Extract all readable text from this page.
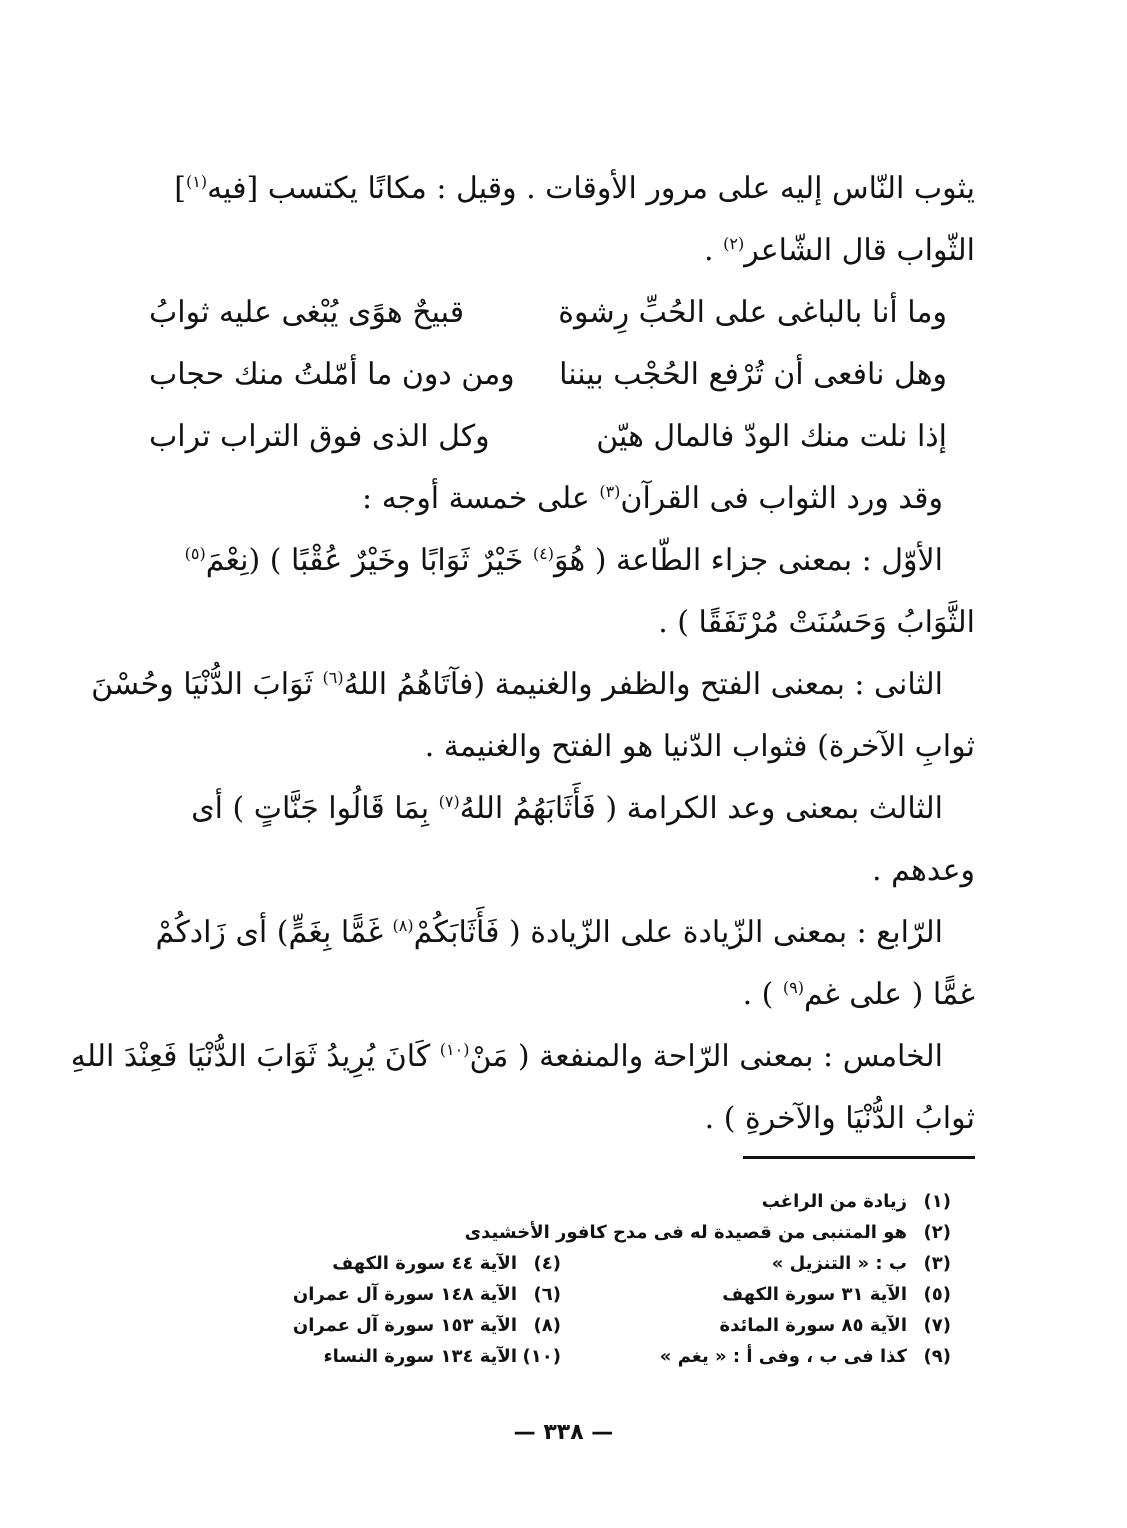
يثوب النّاس إليه على مرور الأوقات . وقيل : مكانًا يكتسب [فيه$^{(١)}$]
الثّواب قال الشّاعر$^{(٢)}$ .
وما أنا بالباغى على الحُبِّ رِشوة
قبيحٌ هوًى يُبْغى عليه ثوابُ
وهل نافعى أن تُرْفع الحُجْب بيننا
ومن دون ما أمّلتُ منك حجاب
إذا نلت منك الودّ فالمال هيّن
وكل الذى فوق التراب تراب
وقد ورد الثواب فى القرآن$^{(٣)}$ على خمسة أوجه :
الأوّل : بمعنى جزاء الطّاعة ( هُوَ$^{(٤)}$ خَيْرٌ ثَوَابًا وخَيْرٌ عُقْبًا ) (نِعْمَ$^{(٥)}$
الثَّوَابُ وَحَسُنَتْ مُرْتَفَقًا ) .
الثانى : بمعنى الفتح والظفر والغنيمة (فآتَاهُمُ اللهُ$^{(٦)}$ ثَوَابَ الدُّنْيَا وحُسْنَ
ثوابِ الآخرة) فثواب الدّنيا هو الفتح والغنيمة .
الثالث بمعنى وعد الكرامة ( فَأَثَابَهُمُ اللهُ$^{(٧)}$ بِمَا قَالُوا جَنَّاتٍ ) أى
وعدهم .
الرّابع : بمعنى الزّيادة على الزّيادة ( فَأَثَابَكُمْ$^{(٨)}$ غَمًّا بِغَمٍّ) أى زَادكُمْ
غمًّا ( على غم$^{(٩)}$ ) .
الخامس : بمعنى الرّاحة والمنفعة ( مَنْ$^{(١٠)}$ كَانَ يُرِيدُ ثَوَابَ الدُّنْيَا فَعِنْدَ اللهِ
ثوابُ الدُّنْيَا والآخرةِ ) .
(١)
زيادة من الراغب
(٢)
هو المتنبى من قصيدة له فى مدح كافور الأخشيدى
(٣)
ب : « التنزيل »
(٤)
الآية ٤٤ سورة الكهف
(٥)
الآية ٣١ سورة الكهف
(٦)
الآية ١٤٨ سورة آل عمران
(٧)
الآية ٨٥ سورة المائدة
(٨)
الآية ١٥٣ سورة آل عمران
(٩)
كذا فى ب ، وفى أ : « يغم »
(١٠)
الآية ١٣٤ سورة النساء
— ٣٣٨ —
